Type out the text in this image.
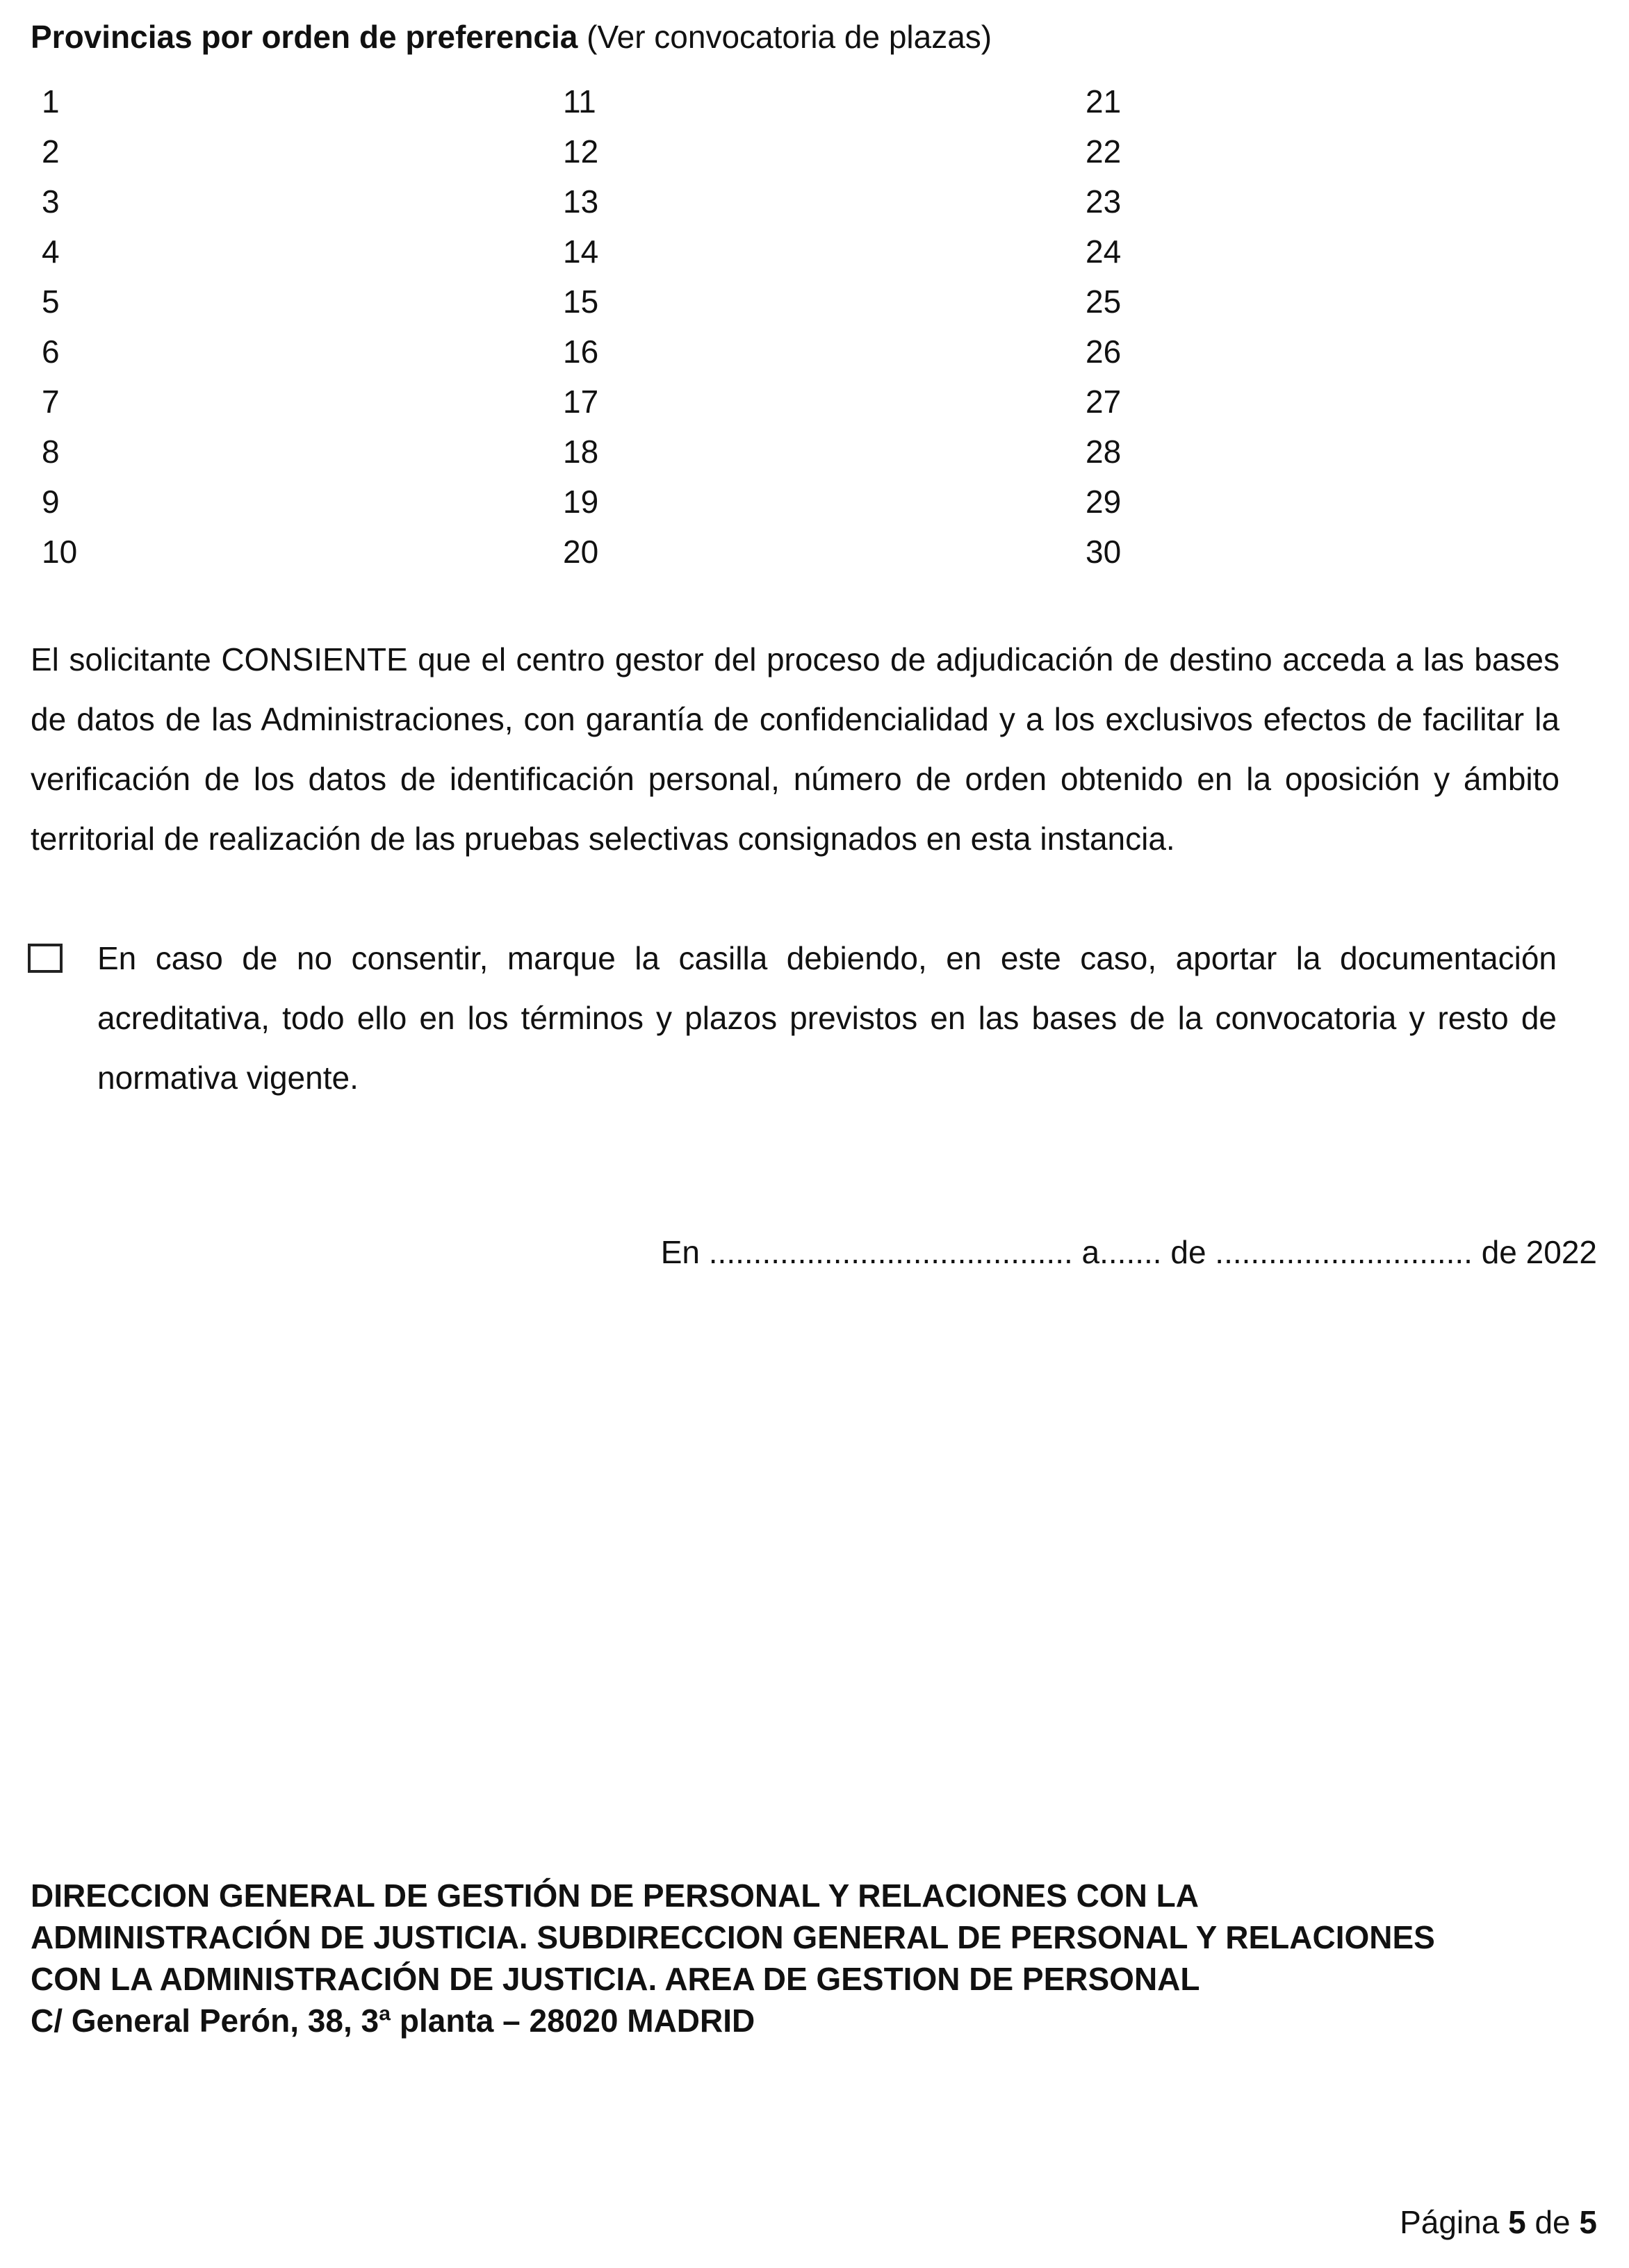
Provincias por orden de preferencia (Ver convocatoria de plazas)
1	11	21
2	12	22
3	13	23
4	14	24
5	15	25
6	16	26
7	17	27
8	18	28
9	19	29
10	20	30
El solicitante CONSIENTE que el centro gestor del proceso de adjudicación de destino acceda a las bases de datos de las Administraciones, con garantía de confidencialidad y a los exclusivos efectos de facilitar la verificación de los datos de identificación personal, número de orden obtenido en la oposición y ámbito territorial de realización de las pruebas selectivas consignados en esta instancia.
En caso de no consentir, marque la casilla debiendo, en este caso, aportar la documentación acreditativa, todo ello en los términos y plazos previstos en las bases de la convocatoria y resto de normativa vigente.
En ......................................... a....... de ............................. de 2022
DIRECCION GENERAL DE GESTIÓN DE PERSONAL Y RELACIONES CON LA
ADMINISTRACIÓN DE JUSTICIA. SUBDIRECCION GENERAL DE PERSONAL Y RELACIONES
CON LA ADMINISTRACIÓN DE JUSTICIA. AREA DE GESTION DE PERSONAL
C/ General Perón, 38, 3ª planta – 28020 MADRID
Página 5 de 5
